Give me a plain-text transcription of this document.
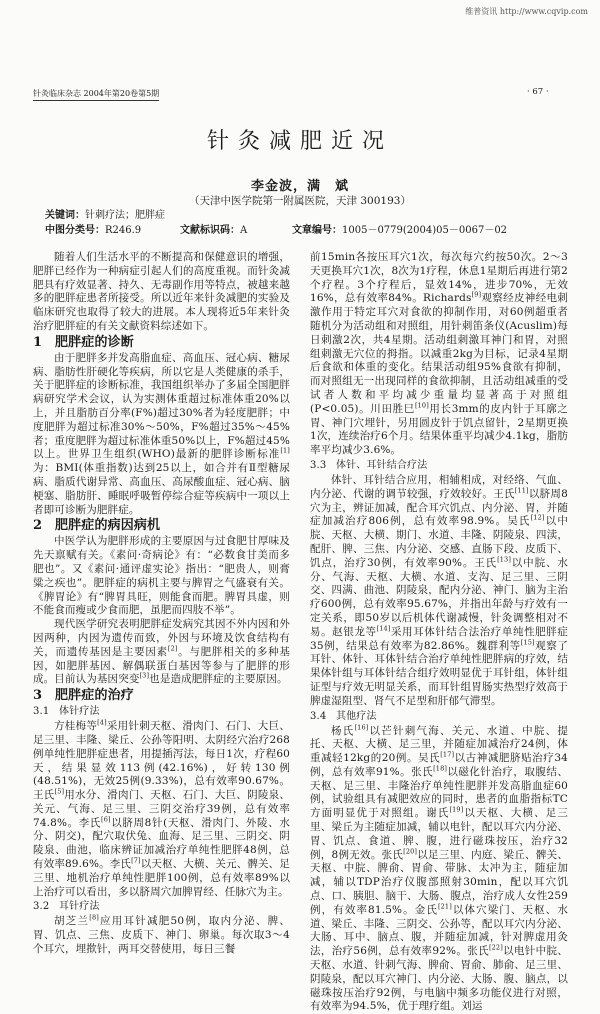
维普资讯 http://www.cqvip.com
针灸临床杂志 2004年第20卷第5期	· 67 ·
针灸减肥近况
李金波，满　斌
（天津中医学院第一附属医院，天津 300193）
关键词：针刺疗法；肥胖症
中图分类号：R246.9	文献标识码：A	文章编号：1005－0779(2004)05－0067－02

随着人们生活水平的不断提高和保健意识的增强，肥胖已经作为一种病症引起人们的高度重视。而针灸减肥具有疗效显著、持久、无毒副作用等特点，被越来越多的肥胖症患者所接受。所以近年来针灸减肥的实验及临床研究也取得了较大的进展。本人现将近5年来针灸治疗肥胖症的有关文献资料综述如下。

1 肥胖症的诊断

由于肥胖多并发高脂血症、高血压、冠心病、糖尿病、脂肪性肝硬化等疾病，所以它是人类健康的杀手，关于肥胖症的诊断标准，我国组织举办了多届全国肥胖病研究学术会议，认为实测体重超过标准体重20%以上，并且脂肪百分率(F%)超过30%者为轻度肥胖；中度肥胖为超过标准30%～50%，F%超过35%～45%者；重度肥胖为超过标准体重50%以上，F%超过45%以上。世界卫生组织(WHO)最新的肥胖诊断标准[1]为：BMI(体重指数)达到25以上，如合并有Ⅱ型糖尿病、脂质代谢异常、高血压、高尿酸血症、冠心病、脑梗塞、脂肪肝、睡眠呼吸暂停综合症等疾病中一项以上者即可诊断为肥胖症。

2 肥胖症的病因病机

中医学认为肥胖形成的主要原因与过食肥甘厚味及先天禀赋有关。《素问·奇病论》有：“必数食甘美而多肥也”。又《素问·通评虚实论》指出：“肥贵人，则膏粱之疾也”。肥胖症的病机主要与脾胃之气盛衰有关。《脾胃论》有“脾胃具旺，则能食而肥。脾胃具虚，则不能食而瘦或少食而肥，虽肥而四肢不举”。

现代医学研究表明肥胖症发病究其因不外内因和外因两种，内因为遗传而致，外因与环境及饮食结构有关，而遗传基因是主要因素[2]。与肥胖相关的多种基因，如肥胖基因、解偶联蛋白基因等参与了肥胖的形成。目前认为基因突变[3]也是造成肥胖症的主要原因。

3 肥胖症的治疗
3.1 体针疗法

方桂梅等[4]采用针刺天枢、滑肉门、石门、大巨、足三里、丰隆、梁丘、公孙等阳明、太阴经穴治疗268例单纯性肥胖症患者，用提插泻法，每日1次，疗程60天，结果显效113例(42.16%)，好转130例(48.51%)，无效25例(9.33%)，总有效率90.67%。王氏[5]用水分、滑肉门、天枢、石门、大巨、阴陵泉、关元、气海、足三里、三阴交治疗39例，总有效率74.8%。李氏[6]以脐周8针(天枢、滑肉门、外陵、水分、阴交)，配穴取伏兔、血海、足三里、三阴交、阴陵泉、曲池，临床辨证加减治疗单纯性肥胖48例，总有效率89.6%。李氏[7]以天枢、大横、关元、髀关、足三里、地机治疗单纯性肥胖100例，总有效率89%以上治疗可以看出，多以脐周穴加脾胃经、任脉穴为主。

3.2 耳针疗法

胡芝兰[8]应用耳针减肥50例，取内分泌、脾、胃、饥点、三焦、皮质下、神门、卵巢。每次取3～4个耳穴，埋揿针，两耳交替使用，每日三餐

前15min各按压耳穴1次，每次每穴约按50次。2～3天更换耳穴1次，8次为1疗程，休息1星期后再进行第2个疗程。3个疗程后，显效14%，进步70%，无效16%，总有效率84%。Richards[9]观察经皮神经电刺激作用于特定耳穴对食欲的抑制作用，对60例超重者随机分为活动组和对照组，用针刺笛条仪(Acuslim)每日刺激2次，共4星期。活动组刺激耳神门和胃，对照组刺激无穴位的拇指。以减重2kg为目标，记录4星期后食欲和体重的变化。结果活动组95%食欲有抑制，而对照组无一出现同样的食欲抑制，且活动组减重的受试者人数和平均减少重量均显著高于对照组(P<0.05)。川田胜巳[10]用长3mm的皮内针于耳廓之胃、神门穴埋针，另用圆皮针于饥点留针，2星期更换1次，连续治疗6个月。结果体重平均减少4.1kg，脂肪率平均减少3.6%。

3.3 体针、耳针结合疗法

体针、耳针结合应用，相辅相成，对经络、气血、内分泌、代谢的调节较强，疗效较好。王氏[11]以脐周8穴为主，辨证加减，配合耳穴饥点、内分泌、胃，并随症加减治疗806例，总有效率98.9%。吴氏[12]以中脘、天枢、大横、期门、水道、丰隆、阴陵泉、四渎，配肝、脾、三焦、内分泌、交感、直肠下段、皮质下、饥点，治疗30例，有效率90%。王氏[13]以中脘、水分、气海、天枢、大横、水道、支沟、足三里、三阴交、四满、曲池、阴陵泉，配内分泌、神门、脑为主治疗600例，总有效率95.67%，并指出年龄与疗效有一定关系，即50岁以后机体代谢减慢，针灸调整相对不易。赵银龙等[14]采用耳体针结合法治疗单纯性肥胖症35例，结果总有效率为82.86%。魏群利等[15]观察了耳针、体针、耳体针结合治疗单纯性肥胖病的疗效，结果体针组与耳体针结合组疗效明显优于耳针组，体针组证型与疗效无明显关系，而耳针组胃肠实热型疗效高于脾虚湿阻型、肾气不足型和肝郁气滞型。

3.4 其他疗法

杨氏[16]以芒针刺气海、关元、水道、中脘、提托、天枢、大横、足三里，并随症加减治疗24例，体重减轻12kg的20例。吴氏[17]以古神减肥脐贴治疗34例，总有效率91%。张氏[18]以磁化针治疗，取腹结、天枢、足三里、丰隆治疗单纯性肥胖并发高脂血症60例，试验组具有减肥效应的同时，患者的血脂指标TC方面明显优于对照组。谢氏[19]以天枢、大横、足三里、梁丘为主随症加减，辅以电针，配以耳穴内分泌、胃、饥点、食道、脾、腹，进行磁珠按压，治疗32例，8例无效。张氏[20]以足三里、内庭、梁丘、髀关、天枢、中脘、脾俞、胃俞、带脉、太冲为主，随症加减，辅以TDP治疗仪腹部照射30min，配以耳穴饥点、口、胰胆、脑干、大肠、腹点，治疗成人女性259例，有效率81.5%。金氏[21]以体穴梁门、天枢、水道、梁丘、丰隆、三阴交、公孙等，配以耳穴内分泌、大肠、耳中、脑点、腹，并随症加减，针对脾虚用灸法，治疗56例，总有效率92%。张氏[22]以电针中脘、天枢、水道、针刺气海、脾俞、胃俞、肺俞、足三里、阴陵泉，配以耳穴神门、内分泌、大肠、腹、脑点，以磁珠按压治疗92例，与电脑中频多功能仪进行对照，有效率为94.5%，优于理疗组。刘运
